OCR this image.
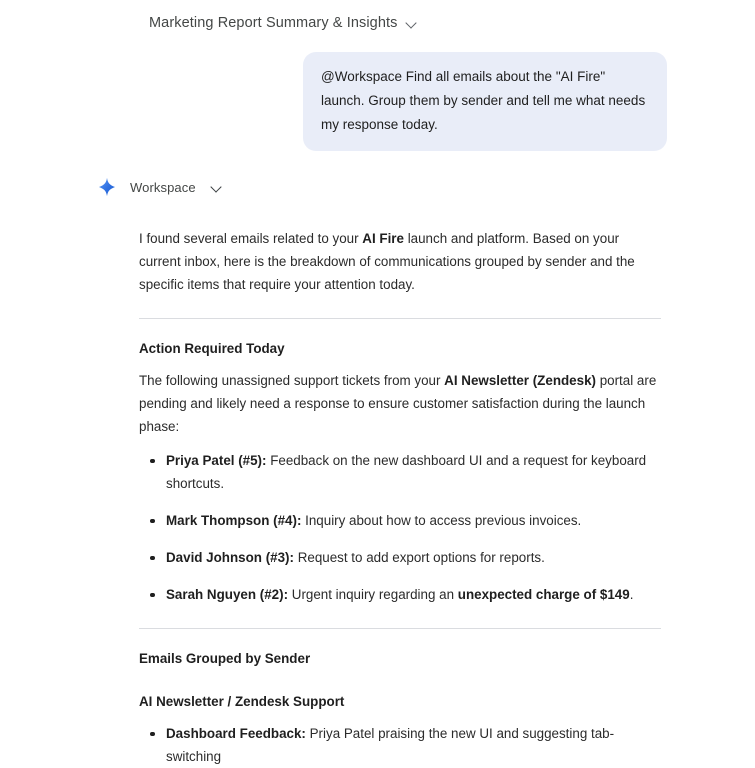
Marketing Report Summary & Insights

@Workspace Find all emails about the "AI Fire" launch. Group them by sender and tell me what needs my response today.

Workspace

I found several emails related to your AI Fire launch and platform. Based on your current inbox, here is the breakdown of communications grouped by sender and the specific items that require your attention today.

Action Required Today

The following unassigned support tickets from your AI Newsletter (Zendesk) portal are pending and likely need a response to ensure customer satisfaction during the launch phase:

Priya Patel (#5): Feedback on the new dashboard UI and a request for keyboard shortcuts.
Mark Thompson (#4): Inquiry about how to access previous invoices.
David Johnson (#3): Request to add export options for reports.
Sarah Nguyen (#2): Urgent inquiry regarding an unexpected charge of $149.
Emails Grouped by Sender
AI Newsletter / Zendesk Support
Dashboard Feedback: Priya Patel praising the new UI and suggesting tab-switching
